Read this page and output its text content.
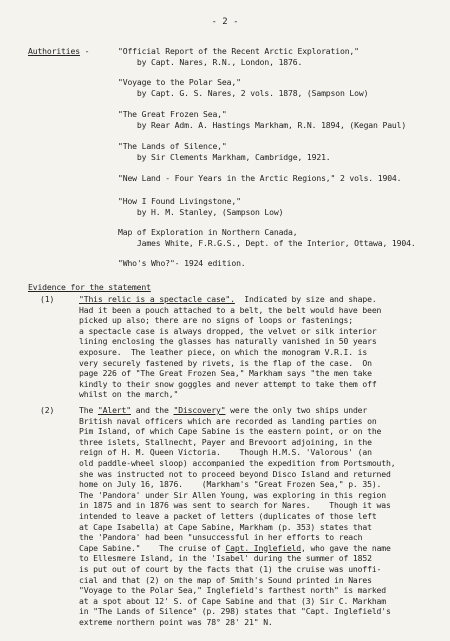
- 2 -
Authorities -	"Official Report of the Recent Arctic Exploration,"
by Capt. Nares, R.N., London, 1876.
"Voyage to the Polar Sea,"
by Capt. G. S. Nares, 2 vols. 1878, (Sampson Low)
"The Great Frozen Sea,"
by Rear Adm. A. Hastings Markham, R.N. 1894, (Kegan Paul)
"The Lands of Silence,"
by Sir Clements Markham, Cambridge, 1921.
"New Land - Four Years in the Arctic Regions," 2 vols. 1904.
"How I Found Livingstone,"
by H. M. Stanley, (Sampson Low)
Map of Exploration in Northern Canada,
James White, F.R.G.S., Dept. of the Interior, Ottawa, 1904.
"Who's Who?"- 1924 edition.
Evidence for the statement
(1)	"This relic is a spectacle case".  Indicated by size and shape.
Had it been a pouch attached to a belt, the belt would have been
picked up also; there are no signs of loops or fastenings;
a spectacle case is always dropped, the velvet or silk interior
lining enclosing the glasses has naturally vanished in 50 years
exposure.  The leather piece, on which the monogram V.R.I. is
very securely fastened by rivets, is the flap of the case.  On
page 226 of "The Great Frozen Sea," Markham says "the men take
kindly to their snow goggles and never attempt to take them off
whilst on the march,"
(2)	The "Alert" and the "Discovery" were the only two ships under
British naval officers which are recorded as landing parties on
Pim Island, of which Cape Sabine is the eastern point, or on the
three islets, Stallnecht, Payer and Brevoort adjoining, in the
reign of H. M. Queen Victoria.    Though H.M.S. 'Valorous' (an
old paddle-wheel sloop) accompanied the expedition from Portsmouth,
she was instructed not to proceed beyond Disco Island and returned
home on July 16, 1876.    (Markham's "Great Frozen Sea," p. 35).
The 'Pandora' under Sir Allen Young, was exploring in this region
in 1875 and in 1876 was sent to search for Nares.    Though it was
intended to leave a packet of letters (duplicates of those left
at Cape Isabella) at Cape Sabine, Markham (p. 353) states that
the 'Pandora' had been "unsuccessful in her efforts to reach
Cape Sabine."    The cruise of Capt. Inglefield, who gave the name
to Ellesmere Island, in the 'Isabel' during the summer of 1852
is put out of court by the facts that (1) the cruise was unoffi-
cial and that (2) on the map of Smith's Sound printed in Nares
"Voyage to the Polar Sea," Inglefield's farthest north" is marked
at a spot about 12' S. of Cape Sabine and that (3) Sir C. Markham
in "The Lands of Silence" (p. 298) states that "Capt. Inglefield's
extreme northern point was 78° 28' 21" N.
